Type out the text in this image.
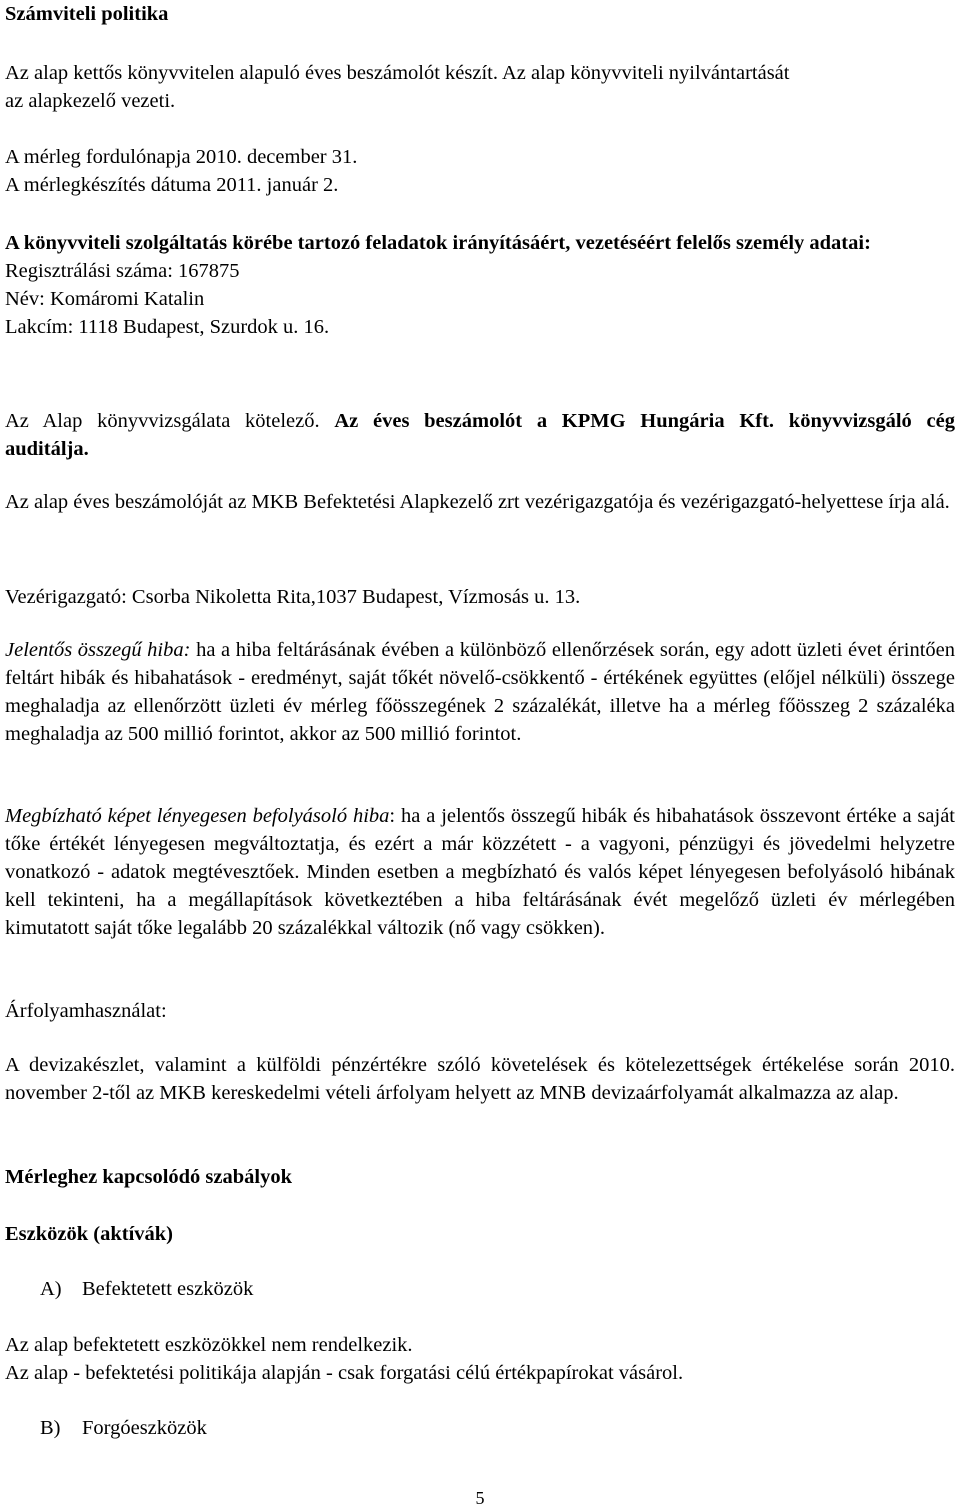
Számviteli politika

Az alap kettős könyvvitelen alapuló éves beszámolót készít. Az alap könyvviteli nyilvántartását
az alapkezelő vezeti.

A mérleg fordulónapja 2010. december 31.
A mérlegkészítés dátuma 2011. január 2.

A könyvviteli szolgáltatás körébe tartozó feladatok irányításáért, vezetéséért felelős személy adatai:
Regisztrálási száma: 167875
Név: Komáromi Katalin
Lakcím: 1118 Budapest, Szurdok u. 16.

Az Alap könyvvizsgálata kötelező. Az éves beszámolót a KPMG Hungária Kft. könyvvizsgáló cég auditálja.

Az alap éves beszámolóját az MKB Befektetési Alapkezelő zrt vezérigazgatója és vezérigazgató-helyettese írja alá.

Vezérigazgató: Csorba Nikoletta Rita,1037 Budapest, Vízmosás u. 13.

Jelentős összegű hiba: ha a hiba feltárásának évében a különböző ellenőrzések során, egy adott üzleti évet érintően feltárt hibák és hibahatások - eredményt, saját tőkét növelő-csökkentő - értékének együttes (előjel nélküli) összege meghaladja az ellenőrzött üzleti év mérleg főösszegének 2 százalékát, illetve ha a mérleg főösszeg 2 százaléka meghaladja az 500 millió forintot, akkor az 500 millió forintot.

Megbízható képet lényegesen befolyásoló hiba: ha a jelentős összegű hibák és hibahatások összevont értéke a saját tőke értékét lényegesen megváltoztatja, és ezért a már közzétett - a vagyoni, pénzügyi és jövedelmi helyzetre vonatkozó - adatok megtévesztőek. Minden esetben a megbízható és valós képet lényegesen befolyásoló hibának kell tekinteni, ha a megállapítások következtében a hiba feltárásának évét megelőző üzleti év mérlegében kimutatott saját tőke legalább 20 százalékkal változik (nő vagy csökken).

Árfolyamhasználat:

A devizakészlet, valamint a külföldi pénzértékre szóló követelések és kötelezettségek értékelése során 2010. november 2-től az MKB kereskedelmi vételi árfolyam helyett az MNB devizaárfolyamát alkalmazza az alap.

Mérleghez kapcsolódó szabályok

Eszközök (aktívák)

A) Befektetett eszközök

Az alap befektetett eszközökkel nem rendelkezik.
Az alap - befektetési politikája alapján - csak forgatási célú értékpapírokat vásárol.

B) Forgóeszközök
5
